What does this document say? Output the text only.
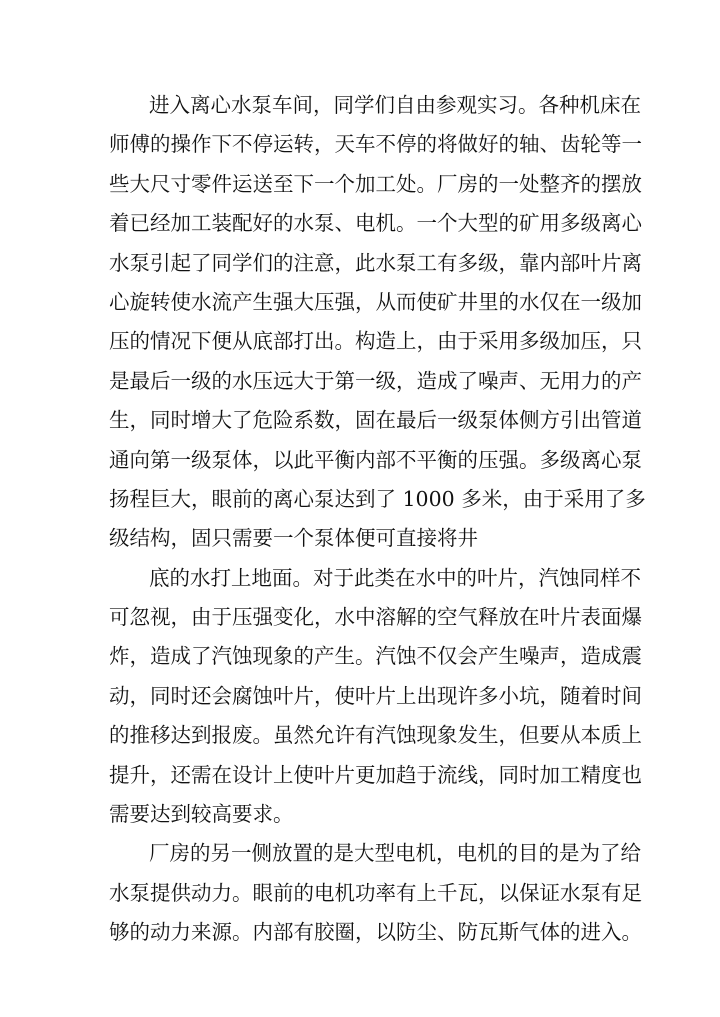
进入离心水泵车间，同学们自由参观实习。各种机床在
师傅的操作下不停运转，天车不停的将做好的轴、齿轮等一
些大尺寸零件运送至下一个加工处。厂房的一处整齐的摆放
着已经加工装配好的水泵、电机。一个大型的矿用多级离心
水泵引起了同学们的注意，此水泵工有多级，靠内部叶片离
心旋转使水流产生强大压强，从而使矿井里的水仅在一级加
压的情况下便从底部打出。构造上，由于采用多级加压，只
是最后一级的水压远大于第一级，造成了噪声、无用力的产
生，同时增大了危险系数，固在最后一级泵体侧方引出管道
通向第一级泵体，以此平衡内部不平衡的压强。多级离心泵
扬程巨大，眼前的离心泵达到了 1000 多米，由于采用了多
级结构，固只需要一个泵体便可直接将井
底的水打上地面。对于此类在水中的叶片，汽蚀同样不
可忽视，由于压强变化，水中溶解的空气释放在叶片表面爆
炸，造成了汽蚀现象的产生。汽蚀不仅会产生噪声，造成震
动，同时还会腐蚀叶片，使叶片上出现许多小坑，随着时间
的推移达到报废。虽然允许有汽蚀现象发生，但要从本质上
提升，还需在设计上使叶片更加趋于流线，同时加工精度也
需要达到较高要求。
厂房的另一侧放置的是大型电机，电机的目的是为了给
水泵提供动力。眼前的电机功率有上千瓦，以保证水泵有足
够的动力来源。内部有胶圈，以防尘、防瓦斯气体的进入。
